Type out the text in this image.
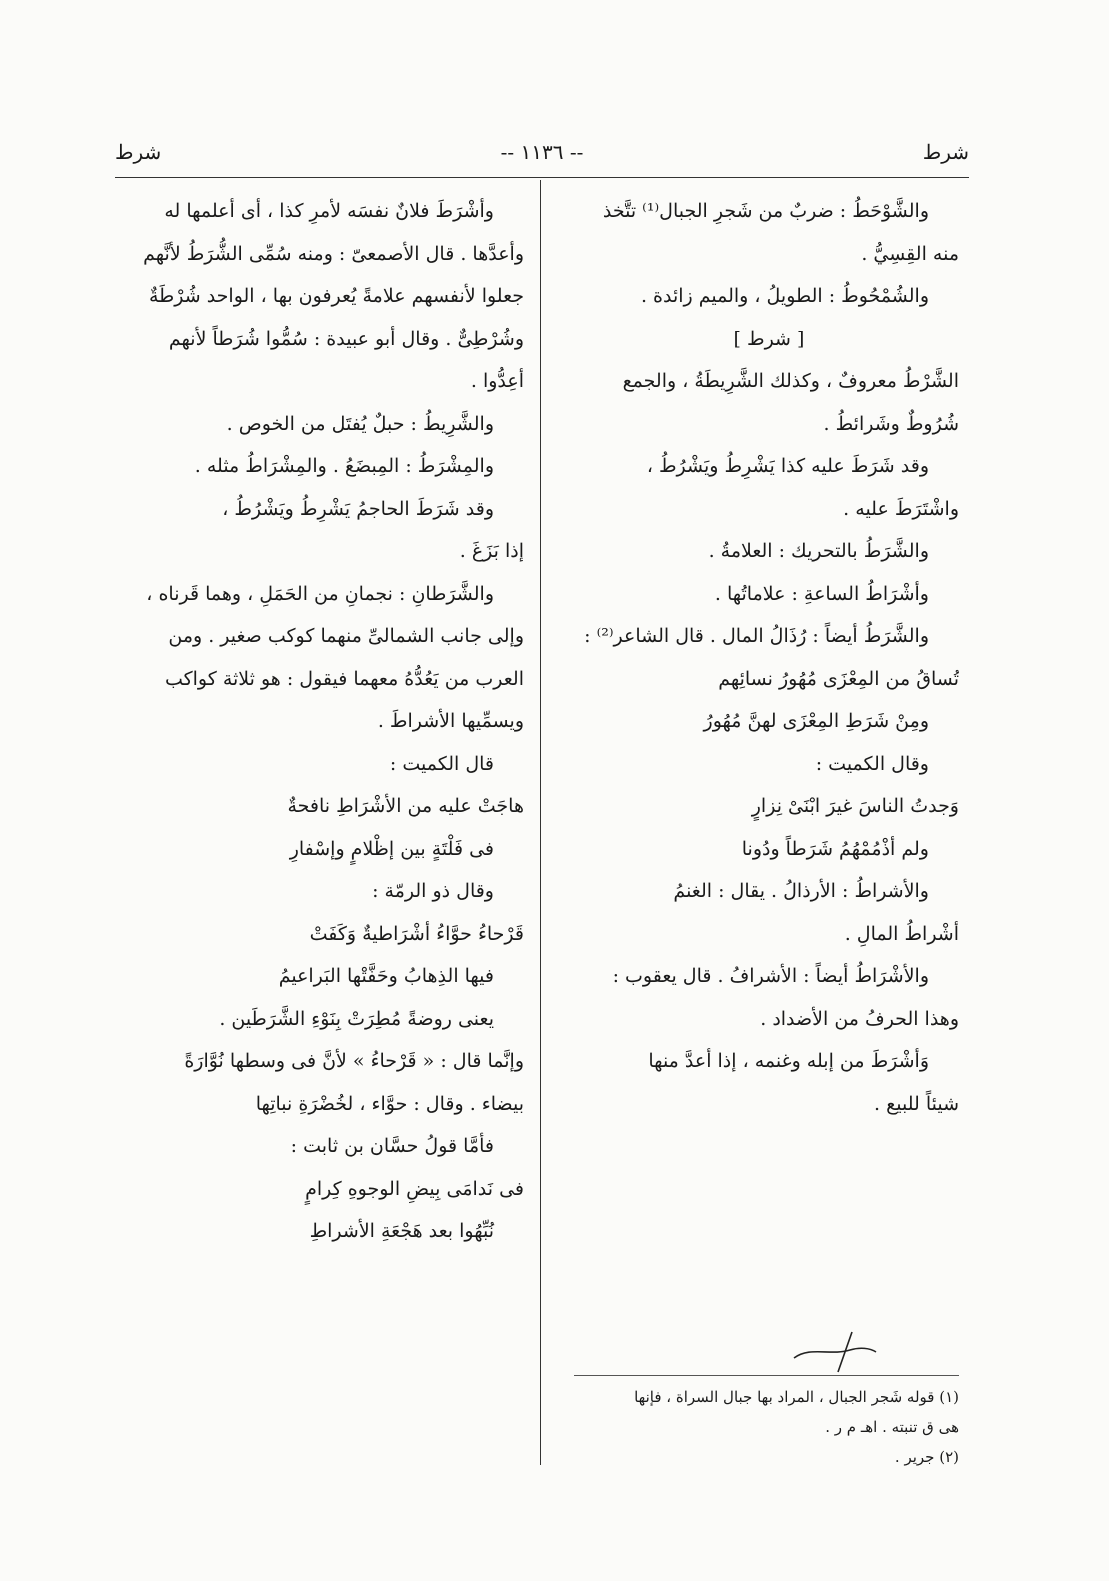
شرط
-- ١١٣٦ --
شرط
والشَّوْحَطُ : ضربٌ من شَجرِ الجبال⁽¹⁾ تتَّخذ
منه القِسِيُّ .
والشُمْحُوطُ : الطويلُ ، والميم زائدة .
[ شرط ]
الشَّرْطُ معروفٌ ، وكذلك الشَّرِيطَةُ ، والجمع
شُرُوطٌ وشَرائطُ .
وقد شَرَطَ عليه كذا يَشْرِطُ ويَشْرُطُ ،
واشْتَرَطَ عليه .
والشَّرَطُ بالتحريك : العلامةُ .
وأشْرَاطُ الساعةِ : علاماتُها .
والشَّرَطُ أيضاً : رُذَالُ المال . قال الشاعر⁽²⁾ :
تُساقُ من المِعْزَى مُهُورُ نسائِهم
ومِنْ شَرَطِ المِعْزَى لهنَّ مُهُورُ
وقال الكميت :
وَجدتُ الناسَ غيرَ ابْنَىْ نِزارٍ
ولم أذْمُمْهُمُ شَرَطاً ودُونا
والأشراطُ : الأرذالُ . يقال : الغنمُ
أشْراطُ المالِ .
والأشْرَاطُ أيضاً : الأشرافُ . قال يعقوب :
وهذا الحرفُ من الأضداد .
وَأشْرَطَ من إبله وغنمه ، إذا أعدَّ منها
شيئاً للبيع .
(١) قوله شَجر الجبال ، المراد بها جبال السراة ، فإنها
هى ق تنبته . اهـ م ر .
(٢) جرير .
وأشْرَطَ فلانٌ نفسَه لأمرِ كذا ، أى أعلمها له
وأعدَّها . قال الأصمعىّ : ومنه سُمِّى الشُّرَطُ لأنَّهم
جعلوا لأنفسهم علامةً يُعرفون بها ، الواحد شُرْطَةٌ
وشُرْطِىٌّ . وقال أبو عبيدة : سُمُّوا شُرَطاً لأنهم
أعِدُّوا .
والشَّرِيطُ : حبلٌ يُفتَل من الخوص .
والمِشْرَطُ : المِبضَعُ . والمِشْرَاطُ مثله .
وقد شَرَطَ الحاجمُ يَشْرِطُ ويَشْرُطُ ،
إذا بَزَغَ .
والشَّرَطانِ : نجمانِ من الحَمَلِ ، وهما قَرناه ،
وإلى جانب الشمالىِّ منهما كوكب صغير . ومن
العرب من يَعُدُّهُ معهما فيقول : هو ثلاثة كواكب
ويسمِّيها الأشراطَ .
قال الكميت :
هاجَتْ عليه من الأشْرَاطِ نافحةٌ
فى فَلْتَةٍ بين إظْلامٍ وإسْفارِ
وقال ذو الرمّة :
قَرْحاءُ حوَّاءُ أشْرَاطيةٌ وَكَفَتْ
فيها الذِهابُ وحَفَّتْها البَراعيمُ
يعنى روضةً مُطِرَتْ بِنَوْءِ الشَّرَطَين .
وإنَّما قال : « قَرْحاءُ » لأنَّ فى وسطها نُوَّارَةً
بيضاء . وقال : حوَّاء ، لخُضْرَةِ نباتِها
فأمَّا قولُ حسَّان بن ثابت :
فى نَدامَى بِيضِ الوجوهِ كِرامٍ
نُبِّهُوا بعد هَجْعَةِ الأشراطِ
